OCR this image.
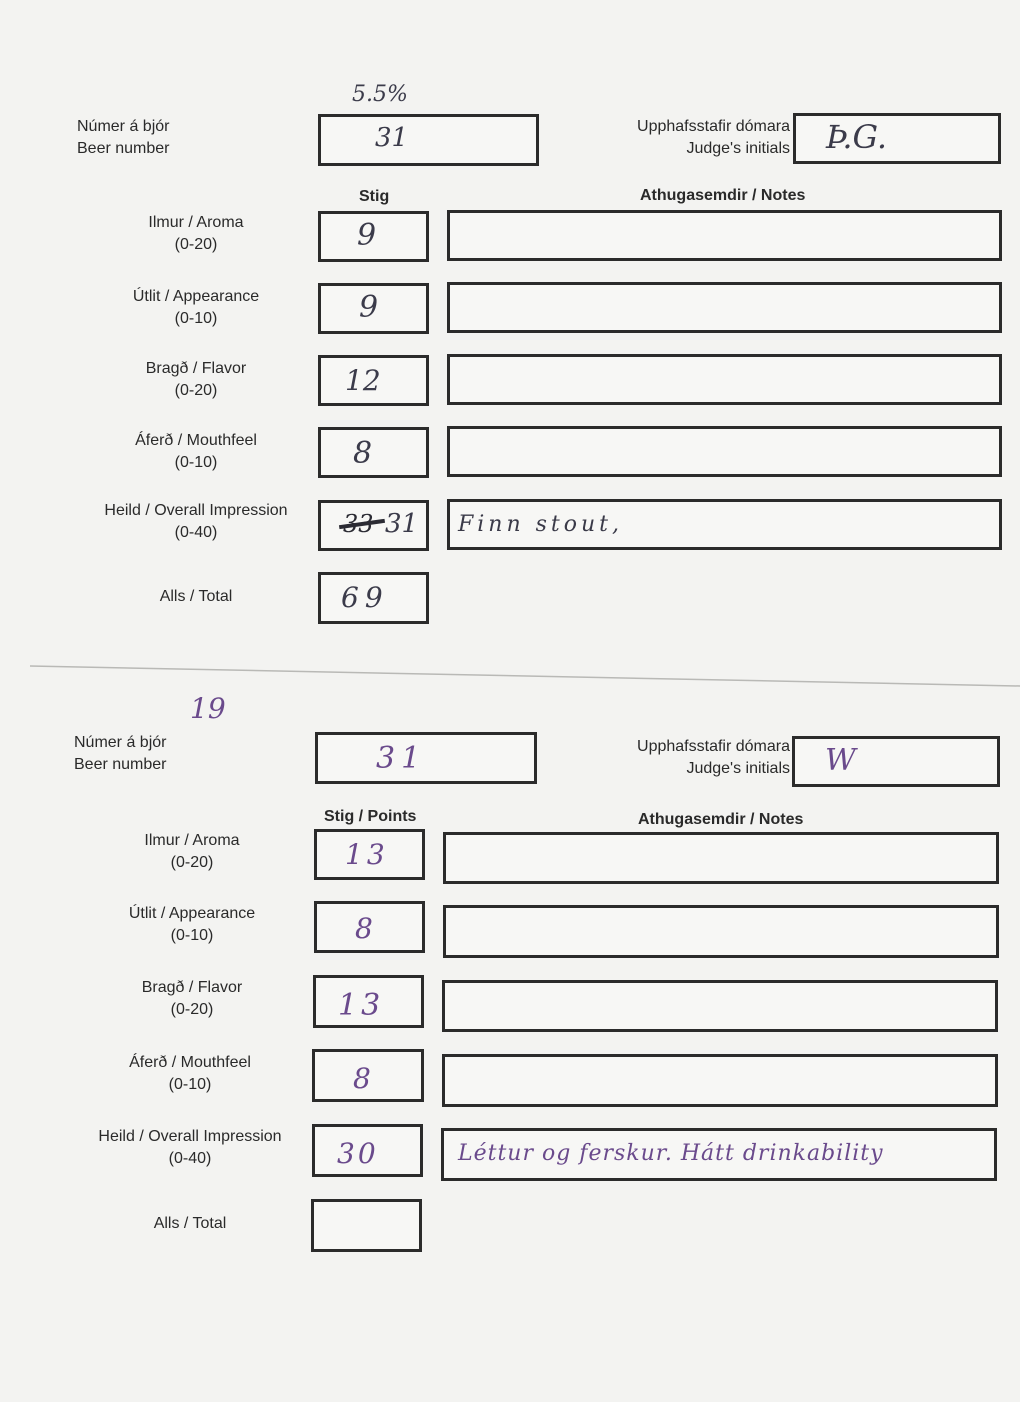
5.5%
Númer á bjór
Beer number	31	Upphafsstafir dómara
Judge's initials Þ.G.
Stig	Athugasemdir / Notes
Ilmur / Aroma
(0-20)	9
Útlit / Appearance
(0-10)	9
Bragð / Flavor
(0-20)	12
Áferð / Mouthfeel
(0-10)	8
Heild / Overall Impression
(0-40)	31 Finn stout,
Alls / Total	69
19
Númer á bjór
Beer number	31	Upphafsstafir dómara
Judge's initials W
Stig / Points	Athugasemdir / Notes
Ilmur / Aroma
(0-20)	13
Útlit / Appearance
(0-10)	8
Bragð / Flavor
(0-20)	13
Áferð / Mouthfeel
(0-10)	8
Heild / Overall Impression
(0-40)	30	Léttur og ferskur. Hátt drinkability
Alls / Total
